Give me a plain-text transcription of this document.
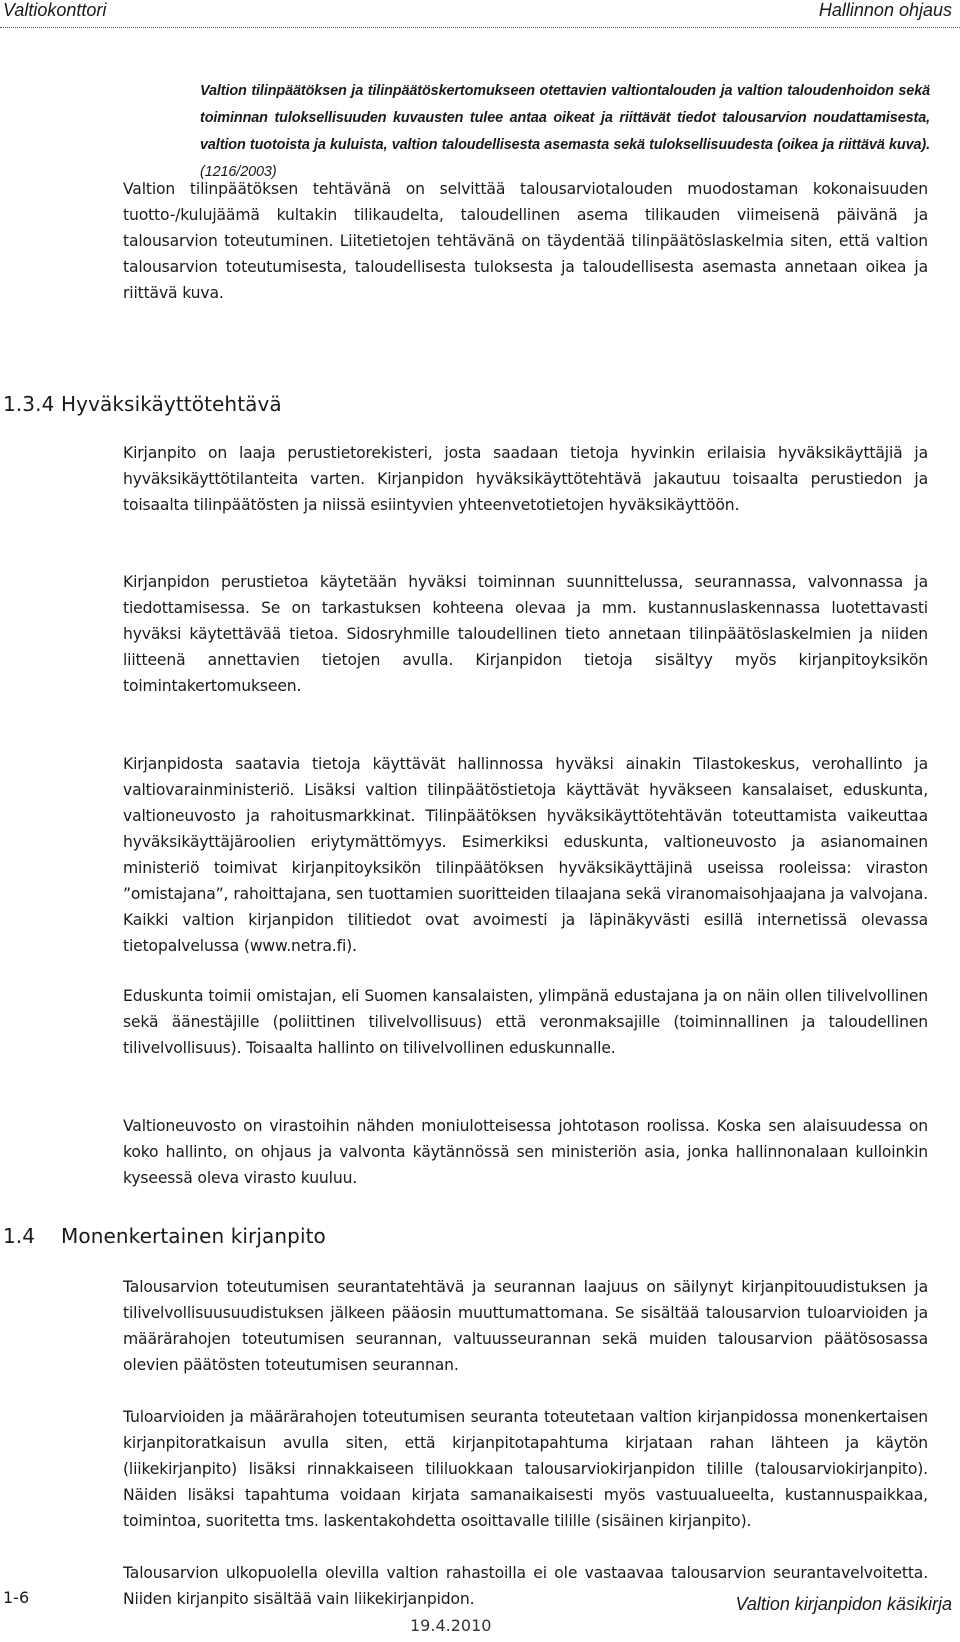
Valtiokonttori	Hallinnon ohjaus
Valtion tilinpäätöksen ja tilinpäätöskertomukseen otettavien valtiontalouden ja valtion taloudenhoidon sekä toiminnan tuloksellisuuden kuvausten tulee antaa oikeat ja riittävät tiedot talousarvion noudattamisesta, valtion tuotoista ja kuluista, valtion taloudellisesta asemasta sekä tuloksellisuudesta (oikea ja riittävä kuva). (1216/2003)

Valtion tilinpäätöksen tehtävänä on selvittää talousarviotalouden muodostaman kokonaisuuden tuotto-/kulujäämä kultakin tilikaudelta, taloudellinen asema tilikauden viimeisenä päivänä ja talousarvion toteutuminen. Liitetietojen tehtävänä on täydentää tilinpäätöslaskelmia siten, että valtion talousarvion toteutumisesta, taloudellisesta tuloksesta ja taloudellisesta asemasta annetaan oikea ja riittävä kuva.

1.3.4 Hyväksikäyttötehtävä

Kirjanpito on laaja perustietorekisteri, josta saadaan tietoja hyvinkin erilaisia hyväksikäyttäjiä ja hyväksikäyttötilanteita varten. Kirjanpidon hyväksikäyttötehtävä jakautuu toisaalta perustiedon ja toisaalta tilinpäätösten ja niissä esiintyvien yhteenvetotietojen hyväksikäyttöön.

Kirjanpidon perustietoa käytetään hyväksi toiminnan suunnittelussa, seurannassa, valvonnassa ja tiedottamisessa. Se on tarkastuksen kohteena olevaa ja mm. kustannuslaskennassa luotettavasti hyväksi käytettävää tietoa. Sidosryhmille taloudellinen tieto annetaan tilinpäätöslaskelmien ja niiden liitteenä annettavien tietojen avulla. Kirjanpidon tietoja sisältyy myös kirjanpitoyksikön toimintakertomukseen.

Kirjanpidosta saatavia tietoja käyttävät hallinnossa hyväksi ainakin Tilastokeskus, verohallinto ja valtiovarainministeriö. Lisäksi valtion tilinpäätöstietoja käyttävät hyväkseen kansalaiset, eduskunta, valtioneuvosto ja rahoitusmarkkinat. Tilinpäätöksen hyväksikäyttötehtävän toteuttamista vaikeuttaa hyväksikäyttäjäroolien eriytymättömyys. Esimerkiksi eduskunta, valtioneuvosto ja asianomainen ministeriö toimivat kirjanpitoyksikön tilinpäätöksen hyväksikäyttäjinä useissa rooleissa: viraston ”omistajana”, rahoittajana, sen tuottamien suoritteiden tilaajana sekä viranomaisohjaajana ja valvojana. Kaikki valtion kirjanpidon tilitiedot ovat avoimesti ja läpinäkyvästi esillä internetissä olevassa tietopalvelussa (www.netra.fi).

Eduskunta toimii omistajan, eli Suomen kansalaisten, ylimpänä edustajana ja on näin ollen tilivelvollinen sekä äänestäjille (poliittinen tilivelvollisuus) että veronmaksajille (toiminnallinen ja taloudellinen tilivelvollisuus). Toisaalta hallinto on tilivelvollinen eduskunnalle.

Valtioneuvosto on virastoihin nähden moniulotteisessa johtotason roolissa. Koska sen alaisuudessa on koko hallinto, on ohjaus ja valvonta käytännössä sen ministeriön asia, jonka hallinnonalaan kulloinkin kyseessä oleva virasto kuuluu.

1.4 Monenkertainen kirjanpito

Talousarvion toteutumisen seurantatehtävä ja seurannan laajuus on säilynyt kirjanpitouudistuksen ja tilivelvollisuusuudistuksen jälkeen pääosin muuttumattomana. Se sisältää talousarvion tuloarvioiden ja määrärahojen toteutumisen seurannan, valtuusseurannan sekä muiden talousarvion päätösosassa olevien päätösten toteutumisen seurannan.

Tuloarvioiden ja määrärahojen toteutumisen seuranta toteutetaan valtion kirjanpidossa monenkertaisen kirjanpitoratkaisun avulla siten, että kirjanpitotapahtuma kirjataan rahan lähteen ja käytön (liikekirjanpito) lisäksi rinnakkaiseen tililuokkaan talousarviokirjanpidon tilille (talousarviokirjanpito). Näiden lisäksi tapahtuma voidaan kirjata samanaikaisesti myös vastuualueelta, kustannuspaikkaa, toimintoa, suoritetta tms. laskentakohdetta osoittavalle tilille (sisäinen kirjanpito).

Talousarvion ulkopuolella olevilla valtion rahastoilla ei ole vastaavaa talousarvion seurantavelvoitetta. Niiden kirjanpito sisältää vain liikekirjanpidon.

1-6	Valtion kirjanpidon käsikirja
19.4.2010
